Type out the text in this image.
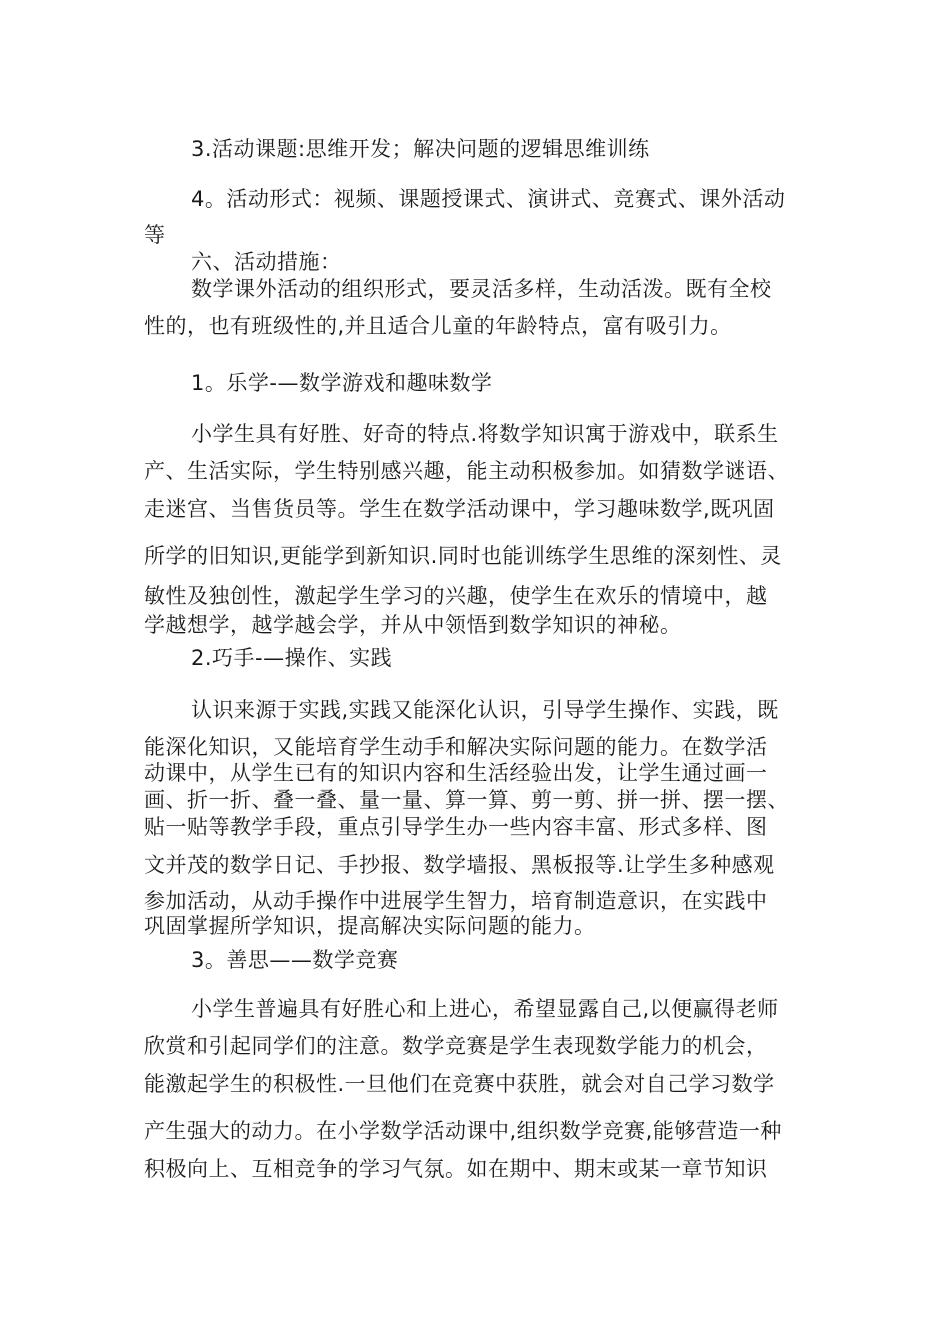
3.活动课题:思维开发；解决问题的逻辑思维训练
4。活动形式：视频、课题授课式、演讲式、竞赛式、课外活动
等
六、活动措施：
数学课外活动的组织形式，要灵活多样，生动活泼。既有全校
性的，也有班级性的,并且适合儿童的年龄特点，富有吸引力。
1。乐学-—数学游戏和趣味数学
小学生具有好胜、好奇的特点.将数学知识寓于游戏中，联系生
产、生活实际，学生特别感兴趣，能主动积极参加。如猜数学谜语、
走迷宫、当售货员等。学生在数学活动课中，学习趣味数学,既巩固
所学的旧知识,更能学到新知识.同时也能训练学生思维的深刻性、灵
敏性及独创性，激起学生学习的兴趣，使学生在欢乐的情境中，越
学越想学，越学越会学，并从中领悟到数学知识的神秘。
2.巧手-—操作、实践
认识来源于实践,实践又能深化认识，引导学生操作、实践，既
能深化知识，又能培育学生动手和解决实际问题的能力。在数学活
动课中，从学生已有的知识内容和生活经验出发，让学生通过画一
画、折一折、叠一叠、量一量、算一算、剪一剪、拼一拼、摆一摆、
贴一贴等教学手段，重点引导学生办一些内容丰富、形式多样、图
文并茂的数学日记、手抄报、数学墙报、黑板报等.让学生多种感观
参加活动，从动手操作中进展学生智力，培育制造意识，在实践中
巩固掌握所学知识，提高解决实际问题的能力。
3。善思——数学竞赛
小学生普遍具有好胜心和上进心，希望显露自己,以便赢得老师
欣赏和引起同学们的注意。数学竞赛是学生表现数学能力的机会，
能激起学生的积极性.一旦他们在竞赛中获胜，就会对自己学习数学
产生强大的动力。在小学数学活动课中,组织数学竞赛,能够营造一种
积极向上、互相竞争的学习气氛。如在期中、期末或某一章节知识
